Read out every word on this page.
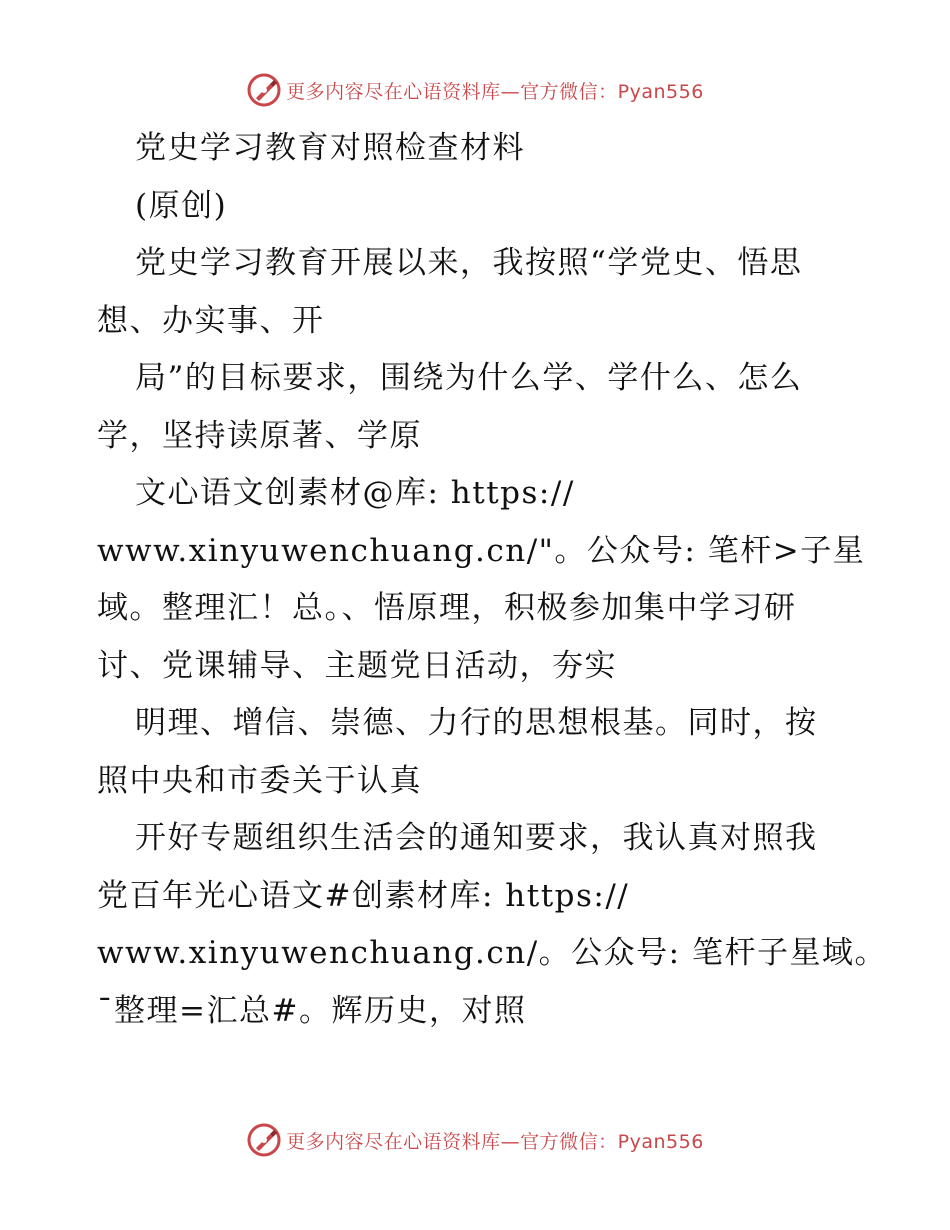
更多内容尽在心语资料库—官方微信：Pyan556
党史学习教育对照检查材料
(原创)
党史学习教育开展以来，我按照“学党史、悟思
想、办实事、开
局”的目标要求，围绕为什么学、学什么、怎么
学，坚持读原著、学原
文心语文创素材@库: https://
www.xinyuwenchuang.cn/"。公众号: 笔杆>子星
域。整理汇！总。、悟原理，积极参加集中学习研
讨、党课辅导、主题党日活动，夯实
明理、增信、崇德、力行的思想根基。同时，按
照中央和市委关于认真
开好专题组织生活会的通知要求，我认真对照我
党百年光心语文#创素材库: https://
www.xinyuwenchuang.cn/。公众号: 笔杆子星域。
¯整理=汇总#。辉历史，对照
更多内容尽在心语资料库—官方微信：Pyan556
